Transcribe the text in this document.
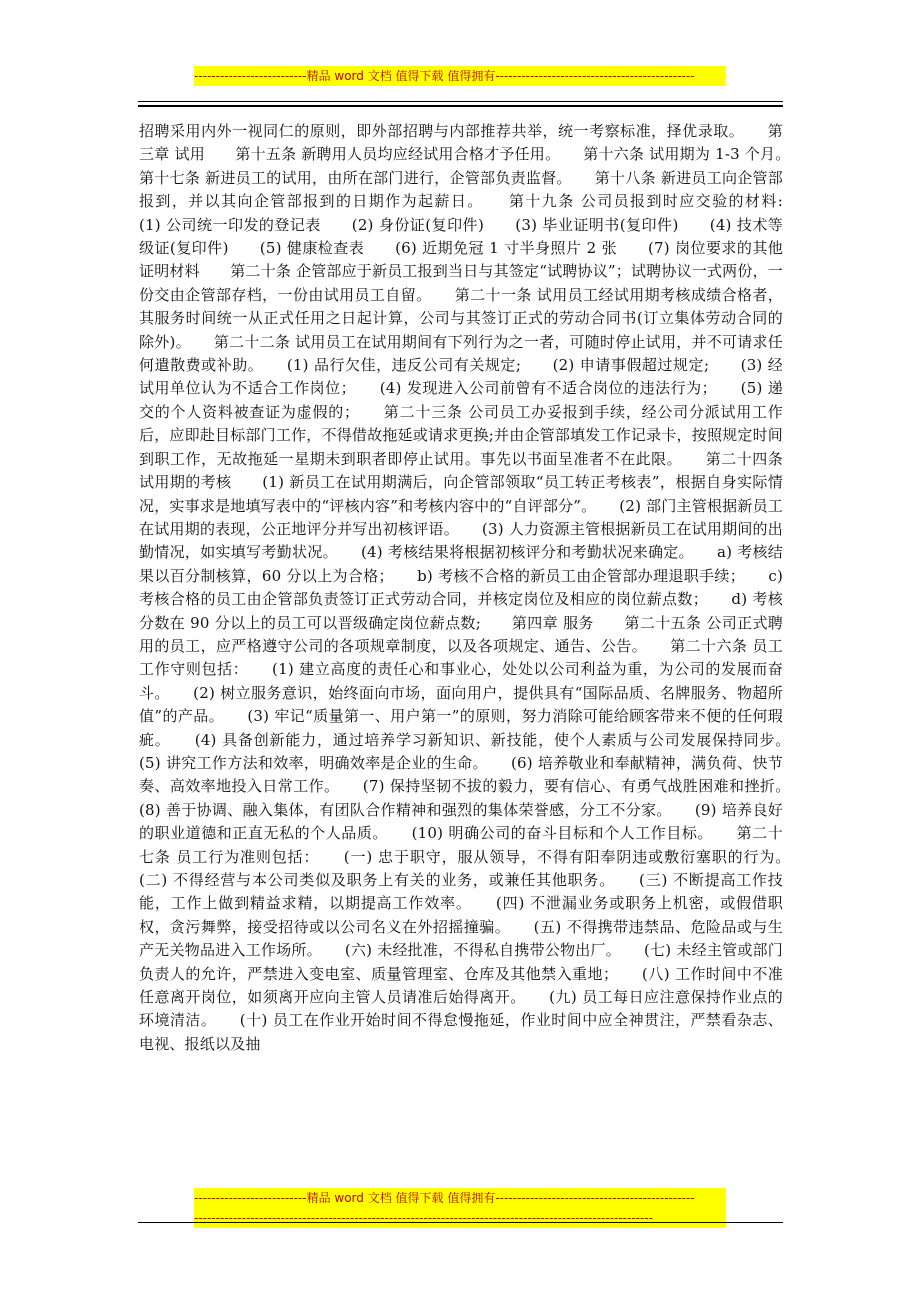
--------------------------精品 word 文档 值得下载 值得拥有----------------------------------------------

招聘采用内外一视同仁的原则，即外部招聘与内部推荐共举，统一考察标准，择优录取。　　第三章 试用　　第十五条 新聘用人员均应经试用合格才予任用。　　第十六条 试用期为 1-3 个月。　　第十七条 新进员工的试用，由所在部门进行，企管部负责监督。　　第十八条 新进员工向企管部报到，并以其向企管部报到的日期作为起薪日。　　第十九条 公司员报到时应交验的材料:　　(1) 公司统一印发的登记表　　(2) 身份证(复印件)　　(3) 毕业证明书(复印件)　　(4) 技术等级证(复印件)　　(5) 健康检查表　　(6) 近期免冠 1 寸半身照片 2 张　　(7) 岗位要求的其他证明材料　　第二十条 企管部应于新员工报到当日与其签定“试聘协议”；试聘协议一式两份，一份交由企管部存档，一份由试用员工自留。　　第二十一条 试用员工经试用期考核成绩合格者，其服务时间统一从正式任用之日起计算，公司与其签订正式的劳动合同书(订立集体劳动合同的除外)。　　第二十二条 试用员工在试用期间有下列行为之一者，可随时停止试用，并不可请求任何遣散费或补助。　　(1) 品行欠佳，违反公司有关规定;　　(2) 申请事假超过规定;　　(3) 经试用单位认为不适合工作岗位；　　(4) 发现进入公司前曾有不适合岗位的违法行为；　　(5) 递交的个人资料被查证为虚假的；　　第二十三条 公司员工办妥报到手续，经公司分派试用工作后，应即赴目标部门工作，不得借故拖延或请求更换;并由企管部填发工作记录卡，按照规定时间到职工作，无故拖延一星期未到职者即停止试用。事先以书面呈准者不在此限。　　第二十四条 试用期的考核　　(1) 新员工在试用期满后，向企管部领取“员工转正考核表”，根据自身实际情况，实事求是地填写表中的“评核内容”和考核内容中的“自评部分”。　　(2) 部门主管根据新员工在试用期的表现，公正地评分并写出初核评语。　　(3) 人力资源主管根据新员工在试用期间的出勤情况，如实填写考勤状况。　　(4) 考核结果将根据初核评分和考勤状况来确定。　　a) 考核结果以百分制核算，60 分以上为合格；　　b) 考核不合格的新员工由企管部办理退职手续；　　c) 考核合格的员工由企管部负责签订正式劳动合同，并核定岗位及相应的岗位薪点数；　　d) 考核分数在 90 分以上的员工可以晋级确定岗位薪点数;　　第四章 服务　　第二十五条 公司正式聘用的员工，应严格遵守公司的各项规章制度，以及各项规定、通告、公告。　　第二十六条 员工工作守则包括：　　(1) 建立高度的责任心和事业心，处处以公司利益为重，为公司的发展而奋斗。　　(2) 树立服务意识，始终面向市场，面向用户，提供具有“国际品质、名牌服务、物超所值”的产品。　　(3) 牢记“质量第一、用户第一”的原则，努力消除可能给顾客带来不便的任何瑕疵。　　(4) 具备创新能力，通过培养学习新知识、新技能，使个人素质与公司发展保持同步。　　(5) 讲究工作方法和效率，明确效率是企业的生命。　　(6) 培养敬业和奉献精神，满负荷、快节奏、高效率地投入日常工作。　　(7) 保持坚韧不拔的毅力，要有信心、有勇气战胜困难和挫折。　　(8) 善于协调、融入集体，有团队合作精神和强烈的集体荣誉感，分工不分家。　　(9) 培养良好的职业道德和正直无私的个人品质。　　(10) 明确公司的奋斗目标和个人工作目标。　　第二十七条 员工行为准则包括：　　(一) 忠于职守，服从领导，不得有阳奉阴违或敷衍塞职的行为。　　(二) 不得经营与本公司类似及职务上有关的业务，或兼任其他职务。　　(三) 不断提高工作技能，工作上做到精益求精，以期提高工作效率。　　(四) 不泄漏业务或职务上机密，或假借职权，贪污舞弊，接受招待或以公司名义在外招摇撞骗。　　(五) 不得携带违禁品、危险品或与生产无关物品进入工作场所。　　(六) 未经批准，不得私自携带公物出厂。　　(七) 未经主管或部门负责人的允许，严禁进入变电室、质量管理室、仓库及其他禁入重地；　　(八) 工作时间中不准任意离开岗位，如须离开应向主管人员请准后始得离开。　　(九) 员工每日应注意保持作业点的环境清洁。　　(十) 员工在作业开始时间不得怠慢拖延，作业时间中应全神贯注，严禁看杂志、电视、报纸以及抽

--------------------------精品 word 文档 值得下载 值得拥有----------------------------------------------
----------------------------------------------------------------------------------------------------------
